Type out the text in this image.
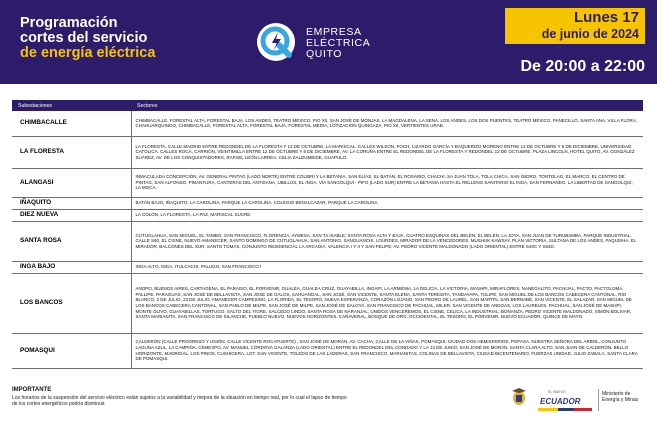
Programación
cortes del servicio
de energía eléctrica
EMPRESA
ELÉCTRICA
QUITO
Lunes 17
de junio de 2024
De 20:00 a 22:00
Subestaciones	Sectores
CHIMBACALLE	CHIMBACALLE, FORESTAL ALTA, FORESTAL BAJA, LOS ANDES, TEATRO MÉXICO, PIO XII, SAN JOSÉ DE MONJAS, LA MAGDALENA, LA SENA, LOS ANDES, LOS DOS PUENTES, TEATRO MÉXICO, PANECILLO, SANTA ANA, VILLA FLORA, CHAHUARQUINGO, CHIMBACALLE, FORESTAL ALTA, FORESTAL BAJA, FORESTAL MEDIA, LOTIZACIÓN QUINGAZA, PIO XII, VERTIENTES URAB.
LA FLORESTA	LA FLORESTA, CALLE MADRID ENTRE REDONDEL DE LA FLORESTA Y 12 DE OCTUBRE, LA MARISCAL, CALLES WILSON, FOCH, LIZARDO GARCÍA Y BAQUERIZO MORENO ENTRE 12 DE OCTUBRE Y 6 DE DICIEMBRE, UNIVERSIDAD CATÓLICA, CALLES ROCA, CARRIÓN, VEINTIMILLA ENTRE 12 DE OCTUBRE Y 6 DE DICIEMBRE, AV. LA CORUÑA ENTRE EL REDONDEL DE LA FLORESTA Y REDONDEL 12 DE OCTUBRE, PLAZA LINCOLN, HOTEL QUITO, AV. GONZÁLEZ SUÁREZ, AV. DE LOS CONQUISTADORES, RAFAEL LEÓN LARREA, CELIA ZALDUMBIDE, GUAPULO.
ALANGASI	INMACULADA CONCEPCIÓN, AV. GENERAL PINTAG (LADO NORTE) ENTRE COLIBRÍ Y LA BETANIA, SAN ELÍAS, EL BATÁN, EL ROSARIO, CHACHI, SA JUAN TOLA, TOLA CHICA, SAN ISIDRO, TONTOLAG, EL MARCO, EL CENTRO DE PINTAG, SAN ALFONSO, PINANTURA, CANTERAS DEL ANTISANA, UBILLÚS, EL INGA, VÍA SANGOLQUÍ - PIFO (LADO SUR) ENTRE LA BETANIA HASTA EL RELLENO SANITARIO EL INGA, SAN FERNANDO, LA LIBERTAD DE SANGOLQUÍ, LA MOCA.
IÑAQUITO	BATÁN BAJO, IÑAQUITO, LA CAROLINA, PARQUE LA CAROLINA, COLEGIO BENALCAZAR, PARQUE LA CAROLINA.
DIEZ NUEVA	LA COLÓN, LA FLORESTA, LA PAZ, MARISCAL SUCRE.
SANTA ROSA	CUTUGLAHUA, SAN MIGUEL, EL TAMBO, SAN FRANCISCO, FLORENCIA, AYMESA, SAN TA ISABLE; SANTA ROSA ALTA Y BAJA, CUATRO ESQUINAS DEL BELÉN, EL BELÉN, LA JOYA, SAN JUAN DE TURUBAMBA, PARQUE INDUSTRIAL, CALLE S60, EL CISNE, NUEVO AMANECER, SANTO DOMINGO DE CUTUGLAHUA, SAN ANTONIO, SANGUANCHI, LOURDES, MIRADOR DE LA VENCEDORES, MUSHUK KAWSAY, PLAN VICTORIA, SULTANA DE LOS ANDES, PAQUISHA, EL MIRADOR, BALCONES DEL SUR, SANTO TOMÁS, CONJUNTO RESIDENCIAL LA ARCADIA, VALENCIA I Y II Y SAN FELIPE; AV. PEDRO VICENTE MALDONADO (LADO ORIENTAL) ENTRE S40C Y S64D.
INGA BAJO	INGA ALTO, INGA, ITULCACHI, PALUGO, SAN FRANCISCO I
LOS BANCOS	ANOPO, BUENOS AIRES, CARTAGENA, EL PARAISO, EL PORVENIR, GUALEA, GUALEA CRUZ, GUAYABILLA, INGAPI, LA ARMENIA, LA DELICIA, LA VICTORIA, MASHPI, MIRAFLORES, NANEGALITO, PACHIJAL, PACTO, PACTOLOMA, PALLIPE, PARAGUAS, SAN JOSÉ DE BELLAVISTA, SAN JOSÉ DE GALOS, SAHUANGAL, SAN JOSÉ, SAN VICENTE, SANTA ELENA, SANTA TERESITA, TANDAYAPA, TULIPE, SAN MIGUEL DE LOS BANCOS CABECERA CANTONAL, RÍO BLANCO, 3 DE JULIO, 23 DE JULIO, AMANECER CAMPESINO, LA FLORIDA, EL TESORO, NUEVA ESPERANZA, CORAZÓN LOJANO, SAN PEDRO DE LAUREL, SAN MARTÍN, SAN BERNABÉ, SAN VICENTE, EL SALAZAR, SAN MIGUEL DE LOS BANCOS CABECERA CANTONAL, SAN PABLO DE MILPE, SAN JOSÉ DE MILPE, SAN JOSÉ DE SALOYA, SAN FRANCISCO DE PACHIJAL, MILER, SAN VICENTE DE ANDOAS, LOS LAURELES, PACHIJAL, SAN JOSÉ DE MASHPI, MONTE OLIVO, GUAYABILLAS, TORTUGO, SALTO DEL TIGRE, SALCEDO LINDO, SANTA ROSA DE NARANJAL, UNIDOS VENCEREMOS, EL CISNE, CELICA, LA INDUSTRIAL, BONANZA, PEDRO VICENTE MALDONADO, SIMÓN BOLÍVAR, SANTA MARIANITA, SAN FRANCISCO DE SILANCHE, PUEBLO NUEVO, NUEVOS HORIZONTES, CAÑAVERAL, BOSQUE DE ORO, OCCIDENTAL, EL TESORO, EL PORVENIR, NUEVO ECUADOR, QUINCE DE MAYO.
POMASQUI	CALDERÓN (CALLE PROGRESO Y UNIÓN, CALLE VICENTE ROCAFUERTE) , SAN JOSÉ DE MORÁN, AV. CACHA, CALLE DE LA VIÑAS, POMASQUI, CIUDAD DOS HEMISFERIOS, POFASA, NUESTRA SEÑORA DEL ARBOL, CONJUNTO LAGUNA AZUL, LA CAMPIÑA, CEMEXPO, AV. MANUEL CÓRDOVA GALARZA (LADO ORIENTAL) ENTRE EL REDONDEL DEL CONDADO Y LA 13 DE JUNIO, SAN JOSÉ DE MORÁN, SANTA CLARA ALTO, SAN JUAN DE CALDERÓN, BELLO HORIZONTE, MADRIGAL, LOS PINOS, CUSHIGERA, LOT. SAN VICENTE, TOLEDO DE LAS LADERAS, SAN FRANCISCO, MARIANITAS, COLINAS DE BELLAVISTA, CIUDAD BICENTENARIO, FUERZAS UNIDAD, JULIO ZABALA, SANTA CLARA DE POMASQUI.
IMPORTANTE
Los horarios de la suspensión del servicio eléctrico están sujetos a la variabilidad y mejora de la situación en tiempo real, por lo cual el lapso de tiempo de los cortes energéticos podría disminuir.
EL NUEVO
ECUADOR
Ministerio de
Energía y Minas
